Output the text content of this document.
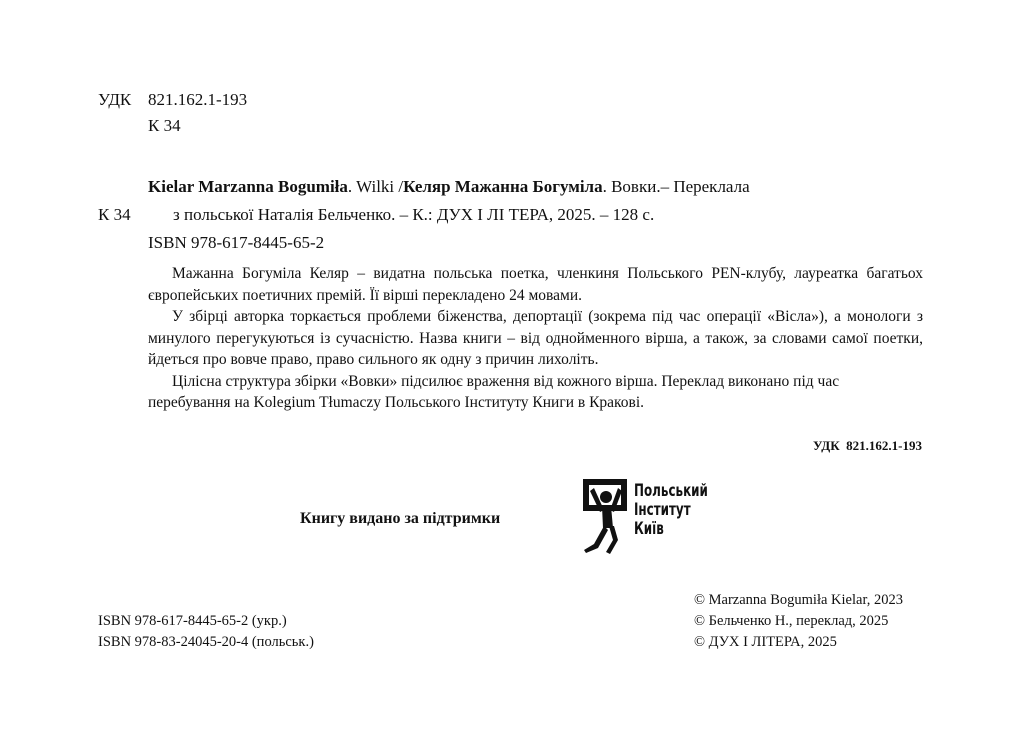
УДК 821.162.1-193
К 34
Kielar Marzanna Bogumiła. Wilki /Келяр Мажанна Богуміла. Вовки.– Переклала
К 34 з польської Наталія Бельченко. – К.: ДУХ І ЛІ ТЕРА, 2025. – 128 с.
ISBN 978-617-8445-65-2

Мажанна Богуміла Келяр – видатна польська поетка, членкиня Польського PEN-клубу, лауреатка багатьох європейських поетичних премій. Її вірші перекладено 24 мовами.

У збірці авторка торкається проблеми біженства, депортації (зокрема під час операції «Вісла»), а монологи з минулого перегукуються із сучасністю. Назва книги – від однойменного вірша, а також, за словами самої поетки, йдеться про вовче право, право сильного як одну з причин лихоліть.

Цілісна структура збірки «Вовки» підсилює враження від кожного вірша. Переклад виконано під час перебування на Kolegium Tłumaczy Польського Інституту Книги в Кракові.

УДК 821.162.1-193
Книгу видано за підтримки
Польський
Інститут
Київ
ISBN 978-617-8445-65-2 (укр.)
ISBN 978-83-24045-20-4 (польськ.)
© Marzanna Bogumiła Kielar, 2023
© Бельченко Н., переклад, 2025
© ДУХ І ЛІТЕРА, 2025
